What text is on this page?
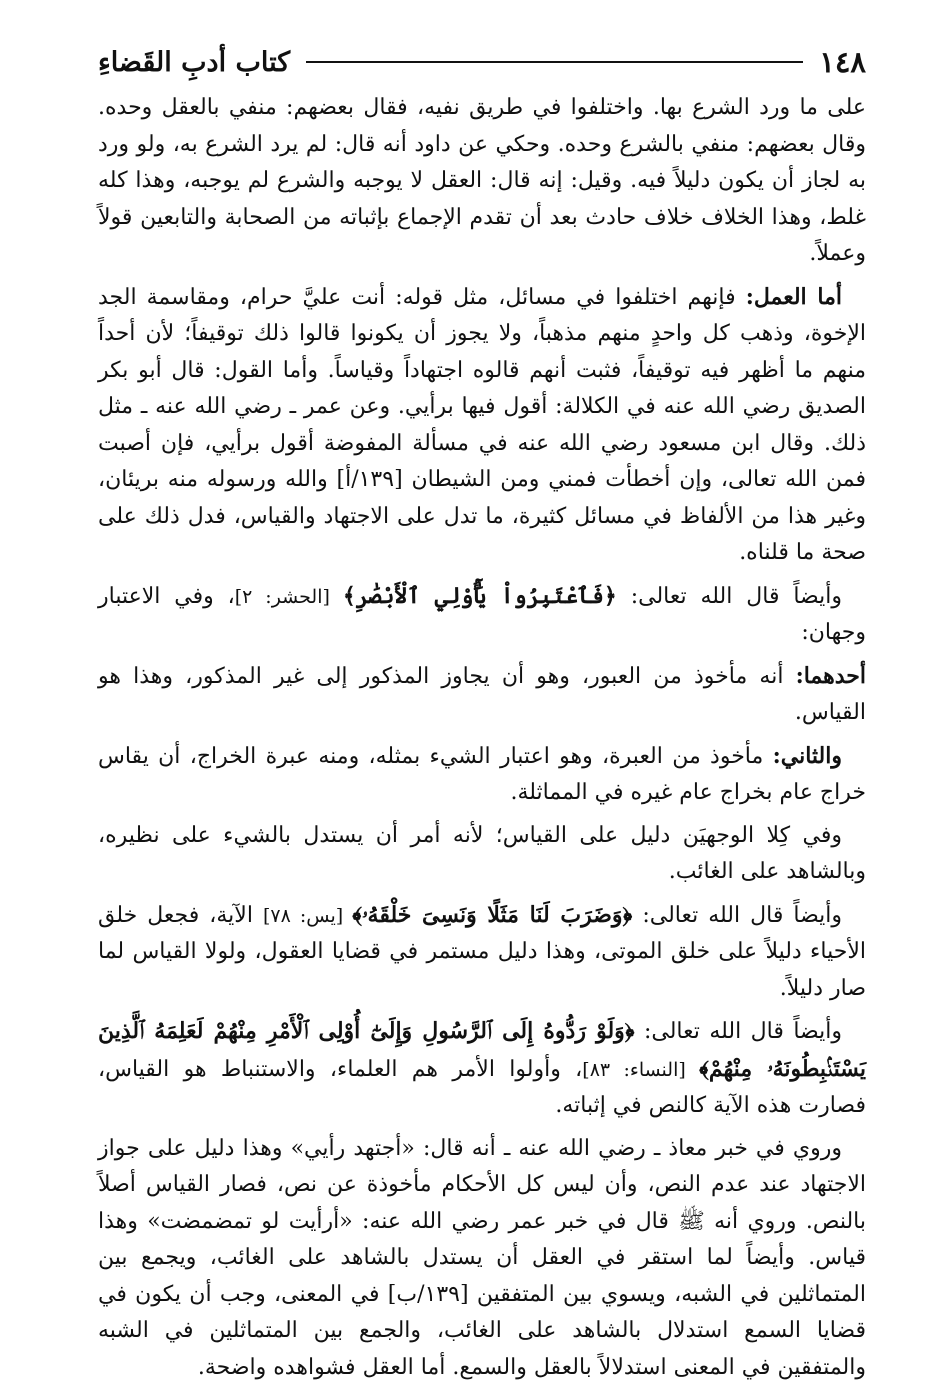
١٤٨
كتاب أدبِ القَضاءِ

على ما ورد الشرع بها. واختلفوا في طريق نفيه، فقال بعضهم: منفي بالعقل وحده. وقال بعضهم: منفي بالشرع وحده. وحكي عن داود أنه قال: لم يرد الشرع به، ولو ورد به لجاز أن يكون دليلاً فيه. وقيل: إنه قال: العقل لا يوجبه والشرع لم يوجبه، وهذا كله غلط، وهذا الخلاف خلاف حادث بعد أن تقدم الإجماع بإثباته من الصحابة والتابعين قولاً وعملاً.

أما العمل: فإنهم اختلفوا في مسائل، مثل قوله: أنت عليَّ حرام، ومقاسمة الجد الإخوة، وذهب كل واحدٍ منهم مذهباً، ولا يجوز أن يكونوا قالوا ذلك توقيفاً؛ لأن أحداً منهم ما أظهر فيه توقيفاً، فثبت أنهم قالوه اجتهاداً وقياساً. وأما القول: قال أبو بكر الصديق رضي الله عنه في الكلالة: أقول فيها برأيي. وعن عمر ـ رضي الله عنه ـ مثل ذلك. وقال ابن مسعود رضي الله عنه في مسألة المفوضة أقول برأيي، فإن أصبت فمن الله تعالى، وإن أخطأت فمني ومن الشيطان [١٣٩/أ] والله ورسوله منه بريئان، وغير هذا من الألفاظ في مسائل كثيرة، ما تدل على الاجتهاد والقياس، فدل ذلك على صحة ما قلناه.

وأيضاً قال الله تعالى: ﴿فَٱعْتَبِرُواْ يَٰٓأُوْلِي ٱلْأَبْصَٰرِ﴾ [الحشر: ٢]، وفي الاعتبار وجهان:

أحدهما: أنه مأخوذ من العبور، وهو أن يجاوز المذكور إلى غير المذكور، وهذا هو القياس.

والثاني: مأخوذ من العبرة، وهو اعتبار الشيء بمثله، ومنه عبرة الخراج، أن يقاس خراج عام بخراج عام غيره في المماثلة.

وفي كِلا الوجهيَن دليل على القياس؛ لأنه أمر أن يستدل بالشيء على نظيره، وبالشاهد على الغائب.

وأيضاً قال الله تعالى: ﴿وَضَرَبَ لَنَا مَثَلًا وَنَسِىَ خَلْقَهُۥ﴾ [يس: ٧٨] الآية، فجعل خلق الأحياء دليلاً على خلق الموتى، وهذا دليل مستمر في قضايا العقول، ولولا القياس لما صار دليلاً.

وأيضاً قال الله تعالى: ﴿وَلَوْ رَدُّوهُ إِلَى ٱلرَّسُولِ وَإِلَىٰٓ أُوْلِى ٱلْأَمْرِ مِنْهُمْ لَعَلِمَهُ ٱلَّذِينَ يَسْتَنۢبِطُونَهُۥ مِنْهُمْ﴾ [النساء: ٨٣]، وأولوا الأمر هم العلماء، والاستنباط هو القياس، فصارت هذه الآية كالنص في إثباته.

وروي في خبر معاذ ـ رضي الله عنه ـ أنه قال: «أجتهد رأيي» وهذا دليل على جواز الاجتهاد عند عدم النص، وأن ليس كل الأحكام مأخوذة عن نص، فصار القياس أصلاً بالنص. وروي أنه ﷺ قال في خبر عمر رضي الله عنه: «أرأيت لو تمضمضت» وهذا قياس. وأيضاً لما استقر في العقل أن يستدل بالشاهد على الغائب، ويجمع بين المتماثلين في الشبه، ويسوي بين المتفقين [١٣٩/ب] في المعنى، وجب أن يكون في قضايا السمع استدلال بالشاهد على الغائب، والجمع بين المتماثلين في الشبه والمتفقين في المعنى استدلالاً بالعقل والسمع. أما العقل فشواهده واضحة.
